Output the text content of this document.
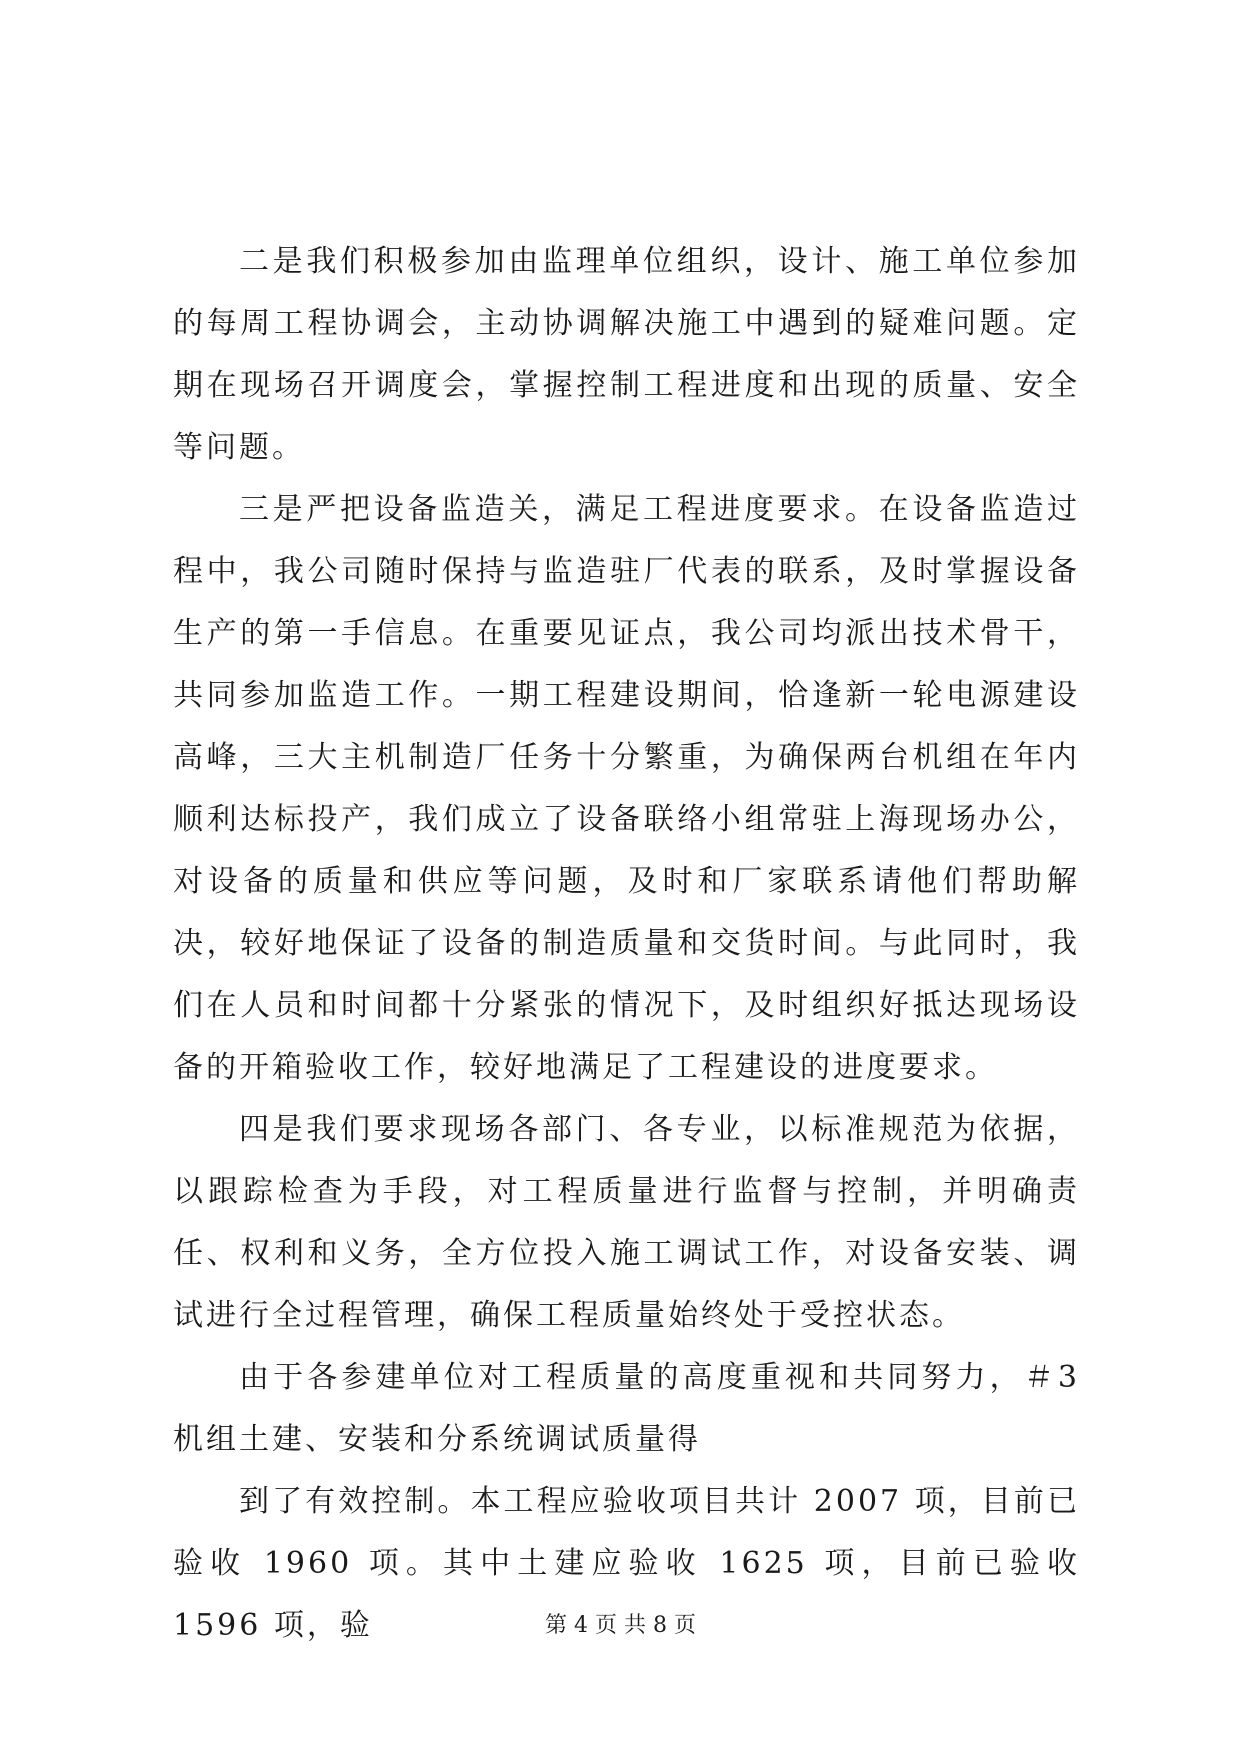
二是我们积极参加由监理单位组织，设计、施工单位参加的每周工程协调会，主动协调解决施工中遇到的疑难问题。定期在现场召开调度会，掌握控制工程进度和出现的质量、安全等问题。

三是严把设备监造关，满足工程进度要求。在设备监造过程中，我公司随时保持与监造驻厂代表的联系，及时掌握设备生产的第一手信息。在重要见证点，我公司均派出技术骨干，共同参加监造工作。一期工程建设期间，恰逢新一轮电源建设高峰，三大主机制造厂任务十分繁重，为确保两台机组在年内顺利达标投产，我们成立了设备联络小组常驻上海现场办公，对设备的质量和供应等问题，及时和厂家联系请他们帮助解决，较好地保证了设备的制造质量和交货时间。与此同时，我们在人员和时间都十分紧张的情况下，及时组织好抵达现场设备的开箱验收工作，较好地满足了工程建设的进度要求。

四是我们要求现场各部门、各专业，以标准规范为依据，以跟踪检查为手段，对工程质量进行监督与控制，并明确责任、权利和义务，全方位投入施工调试工作，对设备安装、调试进行全过程管理，确保工程质量始终处于受控状态。

由于各参建单位对工程质量的高度重视和共同努力，＃3机组土建、安装和分系统调试质量得

到了有效控制。本工程应验收项目共计 2007 项，目前已验收 1960 项。其中土建应验收 1625 项，目前已验收 1596 项，验	第 4 页 共 8 页
